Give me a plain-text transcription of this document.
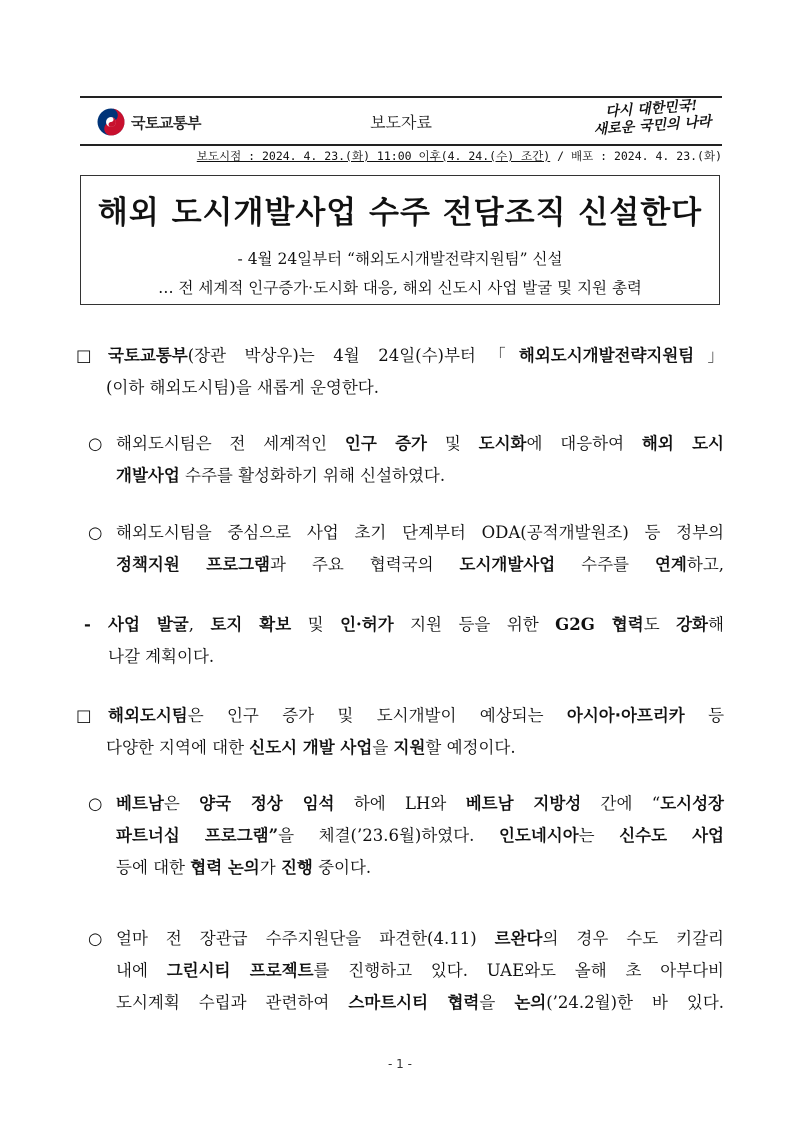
국토교통부	보도자료
다시 대한민국!
새로운 국민의 나라
보도시점 : 2024. 4. 23.(화) 11:00 이후(4. 24.(수) 조간) / 배포 : 2024. 4. 23.(화)
해외 도시개발사업 수주 전담조직 신설한다
- 4월 24일부터 “해외도시개발전략지원팀” 신설
… 전 세계적 인구증가·도시화 대응, 해외 신도시 사업 발굴 및 지원 총력
□ 국토교통부(장관 박상우)는 4월 24일(수)부터「해외도시개발전략지원팀」
(이하 해외도시팀)을 새롭게 운영한다.
○ 해외도시팀은 전 세계적인 인구 증가 및 도시화에 대응하여 해외 도시
개발사업 수주를 활성화하기 위해 신설하였다.
○ 해외도시팀을 중심으로 사업 초기 단계부터 ODA(공적개발원조) 등 정부의
정책지원 프로그램과 주요 협력국의 도시개발사업 수주를 연계하고,
- 사업 발굴, 토지 확보 및 인·허가 지원 등을 위한 G2G 협력도 강화해
나갈 계획이다.
□ 해외도시팀은 인구 증가 및 도시개발이 예상되는 아시아·아프리카 등
다양한 지역에 대한 신도시 개발 사업을 지원할 예정이다.
○ 베트남은 양국 정상 임석 하에 LH와 베트남 지방성 간에 “도시성장
파트너십 프로그램”을 체결(’23.6월)하였다. 인도네시아는 신수도 사업
등에 대한 협력 논의가 진행 중이다.
○ 얼마 전 장관급 수주지원단을 파견한(4.11) 르완다의 경우 수도 키갈리
내에 그린시티 프로젝트를 진행하고 있다. UAE와도 올해 초 아부다비
도시계획 수립과 관련하여 스마트시티 협력을 논의(’24.2월)한 바 있다.
- 1 -
